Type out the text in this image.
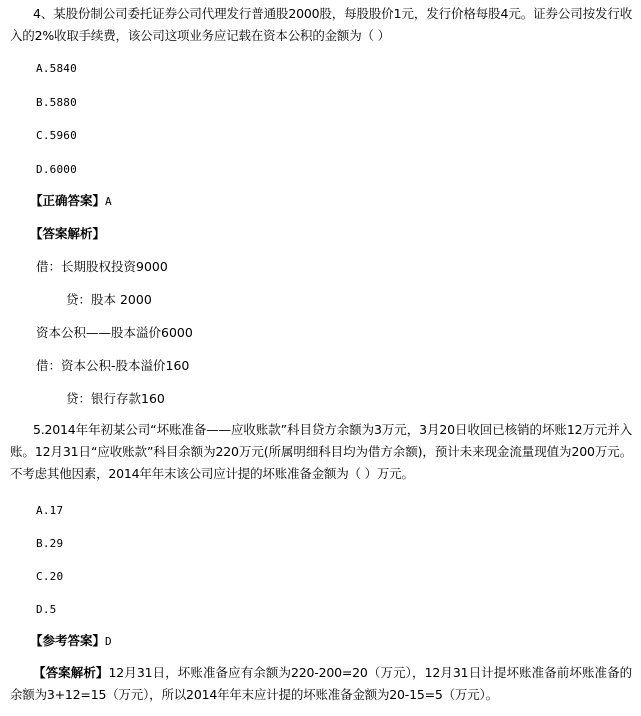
4、某股份制公司委托证券公司代理发行普通股2000股，每股股价1元，发行价格每股4元。证券公司按发行收入的2%收取手续费，该公司这项业务应记载在资本公积的金额为（ ）
A.5840
B.5880
C.5960
D.6000
【正确答案】A
【答案解析】
借：长期股权投资9000
贷：股本 2000
资本公积——股本溢价6000
借：资本公积-股本溢价160
贷：银行存款160
5.2014年年初某公司“坏账准备——应收账款”科目贷方余额为3万元，3月20日收回已核销的坏账12万元并入账。12月31日“应收账款”科目余额为220万元(所属明细科目均为借方余额)，预计未来现金流量现值为200万元。不考虑其他因素，2014年年末该公司应计提的坏账准备金额为（ ）万元。
A.17
B.29
C.20
D.5
【参考答案】D
【答案解析】12月31日，坏账准备应有余额为220-200=20（万元），12月31日计提坏账准备前坏账准备的余额为3+12=15（万元），所以2014年年末应计提的坏账准备金额为20-15=5（万元）。
